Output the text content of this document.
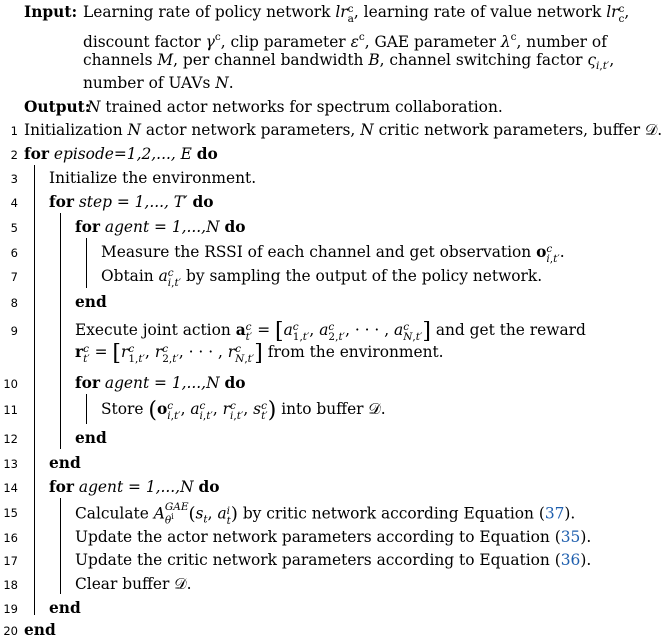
Input: Learning rate of policy network lr c
a , learning rate of value network lr c
c ,
discount factor $\gamma^c$, clip parameter $\varepsilon^c$, GAE parameter $\lambda^c$, number of
channels M, per channel bandwidth B, channel switching factor $\varsigma_{i,t'}$,
number of UAVs N.
Output:
N trained actor networks for spectrum collaboration.
1 Initialization N actor network parameters, N critic network parameters, buffer 𝒟.
2 for episode=1,2,..., E do
3 Initialize the environment.
4 for step = 1,..., T′ do
5	for agent = 1,...,N do
6	Measure the RSSI of each channel and get observation o c
i,t′ .
7	Obtain a c
i,t′ by sampling the output of the policy network.
8	end
9	Execute joint action a c
t′ = [a c
1,t′ , a c
2,t′ , · · · , a c
N,t′ ] and get the reward
r c
t′ = [r c
1,t′ , r c
2,t′ , · · · , r c
N,t′ ] from the environment.
10	for agent = 1,...,N do
11	Store (o c
i,t′ , a c
i,t′ , r c
i,t′ , s c
t′ ) into buffer 𝒟.
12	end
13 end
14 for agent = 1,...,N do
15	Calculate A GAE
$\theta^i$ ($s_t$, a i
t ) by critic network according Equation (37).
16	Update the actor network parameters according to Equation (35).
17	Update the critic network parameters according to Equation (36).
18	Clear buffer 𝒟.
19 end
20 end
